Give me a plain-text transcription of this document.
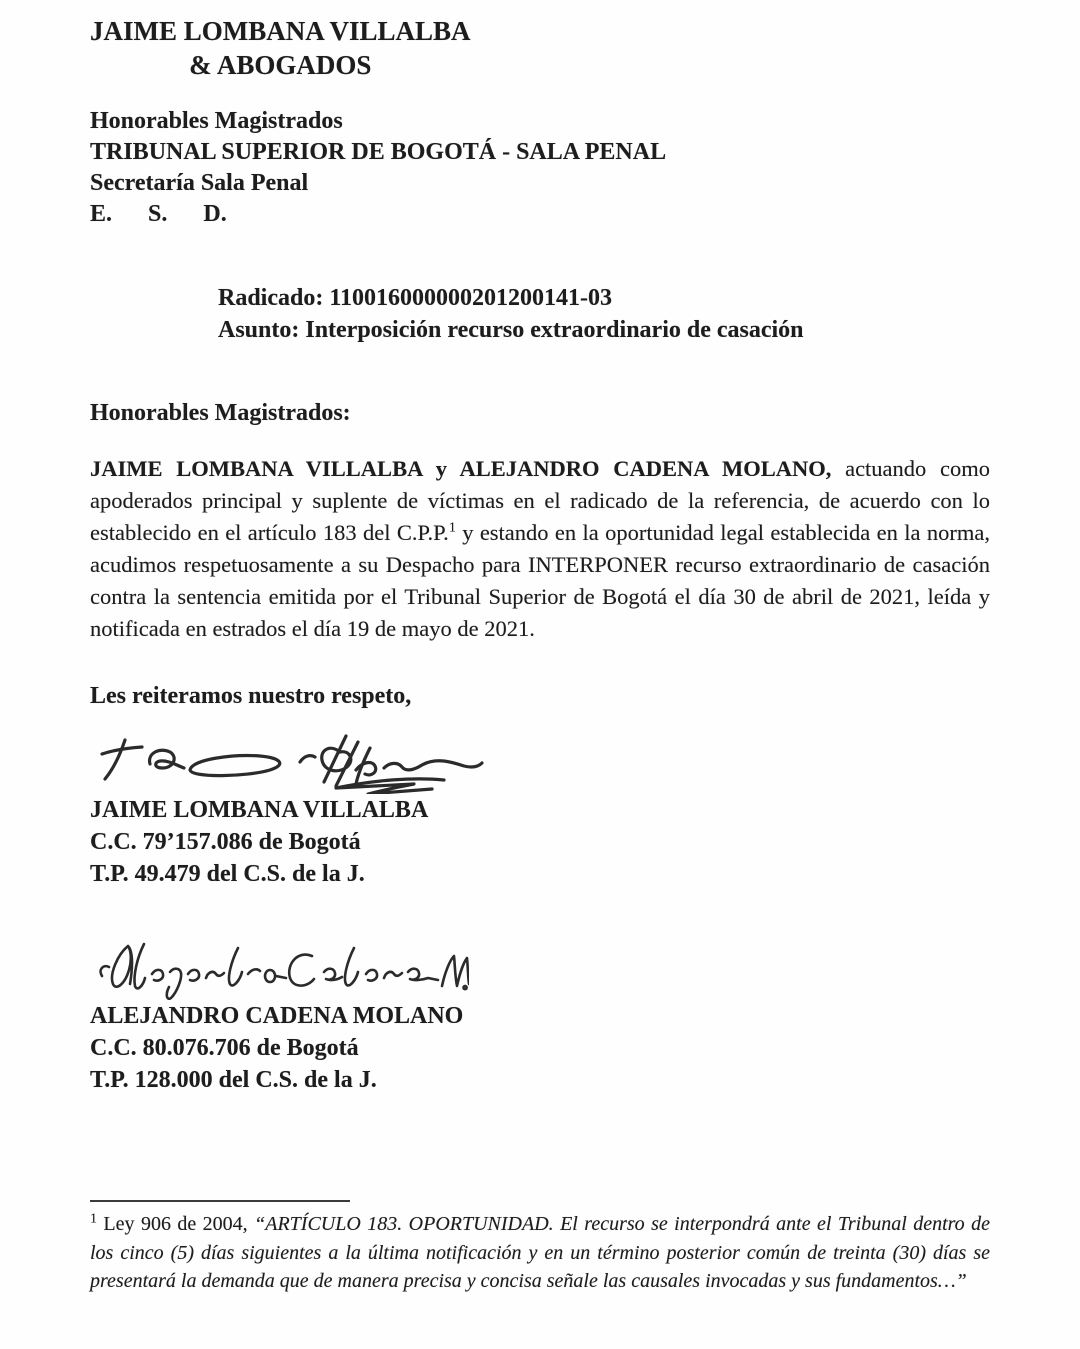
JAIME LOMBANA VILLALBA
& ABOGADOS
Honorables Magistrados
TRIBUNAL SUPERIOR DE BOGOTÁ - SALA PENAL
Secretaría Sala Penal
E. S. D.
Radicado: 110016000000201200141-03
Asunto: Interposición recurso extraordinario de casación
Honorables Magistrados:

JAIME LOMBANA VILLALBA y ALEJANDRO CADENA MOLANO, actuando como apoderados principal y suplente de víctimas en el radicado de la referencia, de acuerdo con lo establecido en el artículo 183 del C.P.P.$^1$ y estando en la oportunidad legal establecida en la norma, acudimos respetuosamente a su Despacho para INTERPONER recurso extraordinario de casación contra la sentencia emitida por el Tribunal Superior de Bogotá el día 30 de abril de 2021, leída y notificada en estrados el día 19 de mayo de 2021.

Les reiteramos nuestro respeto,
JAIME LOMBANA VILLALBA
C.C. 79’157.086 de Bogotá
T.P. 49.479 del C.S. de la J.
ALEJANDRO CADENA MOLANO
C.C. 80.076.706 de Bogotá
T.P. 128.000 del C.S. de la J.

$^1$ Ley 906 de 2004, “ARTÍCULO 183. OPORTUNIDAD. El recurso se interpondrá ante el Tribunal dentro de los cinco (5) días siguientes a la última notificación y en un término posterior común de treinta (30) días se presentará la demanda que de manera precisa y concisa señale las causales invocadas y sus fundamentos…”
